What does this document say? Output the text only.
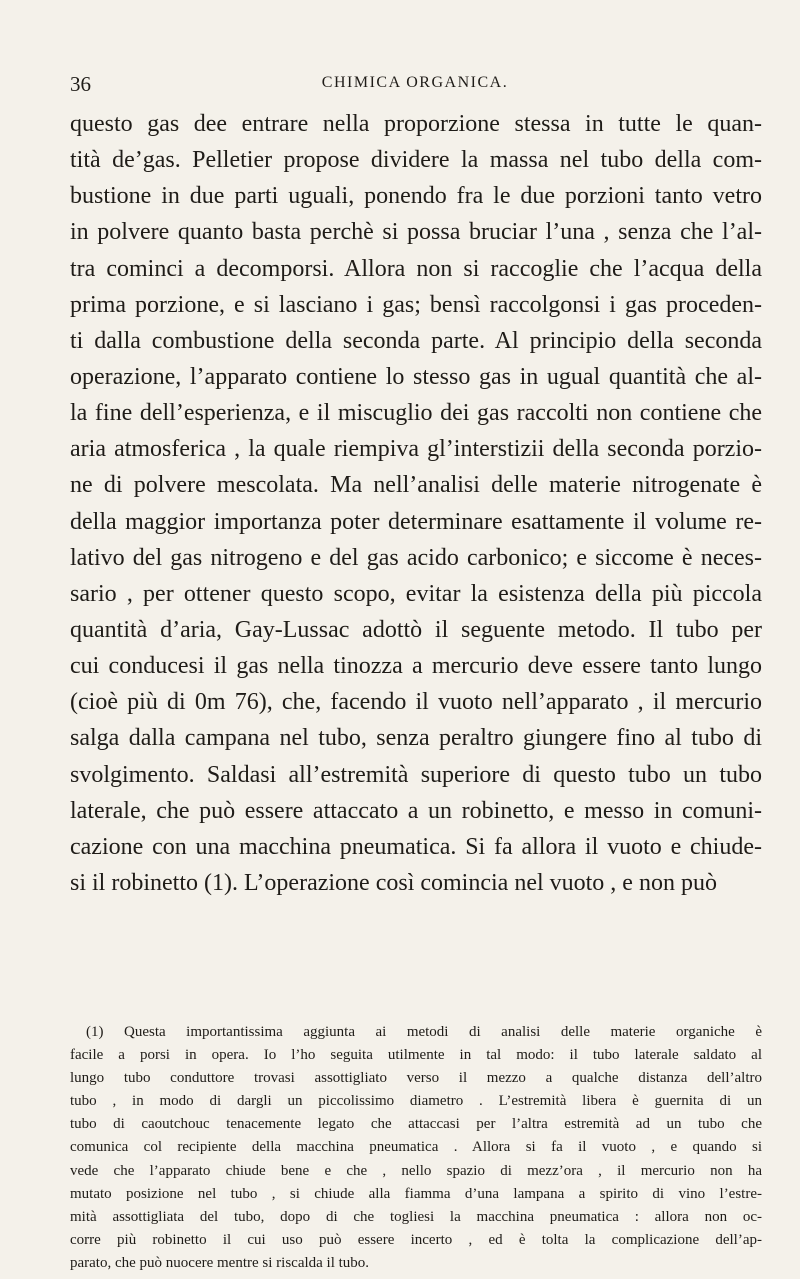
36	CHIMICA ORGANICA.
questo gas dee entrare nella proporzione stessa in tutte le quan-
tità de’gas. Pelletier propose dividere la massa nel tubo della com-
bustione in due parti uguali, ponendo fra le due porzioni tanto vetro
in polvere quanto basta perchè si possa bruciar l’una , senza che l’al-
tra cominci a decomporsi. Allora non si raccoglie che l’acqua della
prima porzione, e si lasciano i gas; bensì raccolgonsi i gas proceden-
ti dalla combustione della seconda parte. Al principio della seconda
operazione, l’apparato contiene lo stesso gas in ugual quantità che al-
la fine dell’esperienza, e il miscuglio dei gas raccolti non contiene che
aria atmosferica , la quale riempiva gl’interstizii della seconda porzio-
ne di polvere mescolata. Ma nell’analisi delle materie nitrogenate è
della maggior importanza poter determinare esattamente il volume re-
lativo del gas nitrogeno e del gas acido carbonico; e siccome è neces-
sario , per ottener questo scopo, evitar la esistenza della più piccola
quantità d’aria, Gay-Lussac adottò il seguente metodo. Il tubo per
cui conducesi il gas nella tinozza a mercurio deve essere tanto lungo
(cioè più di 0m 76), che, facendo il vuoto nell’apparato , il mercurio
salga dalla campana nel tubo, senza peraltro giungere fino al tubo di
svolgimento. Saldasi all’estremità superiore di questo tubo un tubo
laterale, che può essere attaccato a un robinetto, e messo in comuni-
cazione con una macchina pneumatica. Si fa allora il vuoto e chiude-
si il robinetto (1). L’operazione così comincia nel vuoto , e non può
(1) Questa importantissima aggiunta ai metodi di analisi delle materie organiche è
facile a porsi in opera. Io l’ho seguita utilmente in tal modo: il tubo laterale saldato al
lungo tubo conduttore trovasi assottigliato verso il mezzo a qualche distanza dell’altro
tubo , in modo di dargli un piccolissimo diametro . L’estremità libera è guernita di un
tubo di caoutchouc tenacemente legato che attaccasi per l’altra estremità ad un tubo che
comunica col recipiente della macchina pneumatica . Allora si fa il vuoto , e quando si
vede che l’apparato chiude bene e che , nello spazio di mezz’ora , il mercurio non ha
mutato posizione nel tubo , si chiude alla fiamma d’una lampana a spirito di vino l’estre-
mità assottigliata del tubo, dopo di che togliesi la macchina pneumatica : allora non oc-
corre più robinetto il cui uso può essere incerto , ed è tolta la complicazione dell’ap-
parato, che può nuocere mentre si riscalda il tubo.
